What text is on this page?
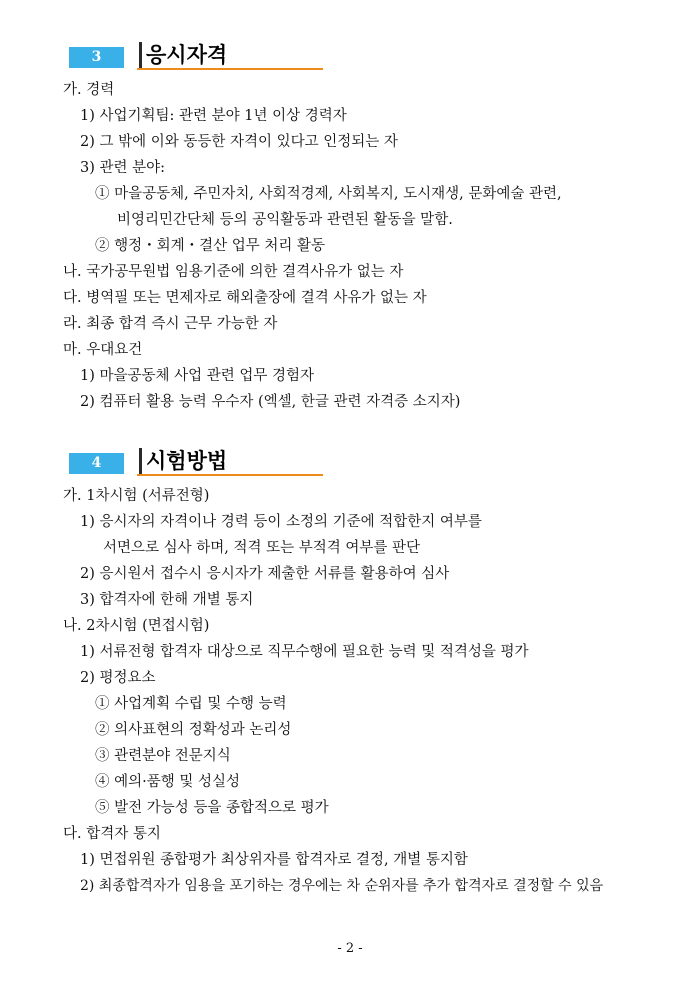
3	응시자격
가. 경력
1) 사업기획팀: 관련 분야 1년 이상 경력자
2) 그 밖에 이와 동등한 자격이 있다고 인정되는 자
3) 관련 분야:
① 마을공동체, 주민자치, 사회적경제, 사회복지, 도시재생, 문화예술 관련,
비영리민간단체 등의 공익활동과 관련된 활동을 말함.
② 행정・회계・결산 업무 처리 활동
나. 국가공무원법 임용기준에 의한 결격사유가 없는 자
다. 병역필 또는 면제자로 해외출장에 결격 사유가 없는 자
라. 최종 합격 즉시 근무 가능한 자
마. 우대요건
1) 마을공동체 사업 관련 업무 경험자
2) 컴퓨터 활용 능력 우수자 (엑셀, 한글 관련 자격증 소지자)
4	시험방법
가. 1차시험 (서류전형)
1) 응시자의 자격이나 경력 등이 소정의 기준에 적합한지 여부를
서면으로 심사 하며, 적격 또는 부적격 여부를 판단
2) 응시원서 접수시 응시자가 제출한 서류를 활용하여 심사
3) 합격자에 한해 개별 통지
나. 2차시험 (면접시험)
1) 서류전형 합격자 대상으로 직무수행에 필요한 능력 및 적격성을 평가
2) 평정요소
① 사업계획 수립 및 수행 능력
② 의사표현의 정확성과 논리성
③ 관련분야 전문지식
④ 예의·품행 및 성실성
⑤ 발전 가능성 등을 종합적으로 평가
다. 합격자 통지
1) 면접위원 종합평가 최상위자를 합격자로 결정, 개별 통지함
2) 최종합격자가 임용을 포기하는 경우에는 차 순위자를 추가 합격자로 결정할 수 있음
- 2 -
